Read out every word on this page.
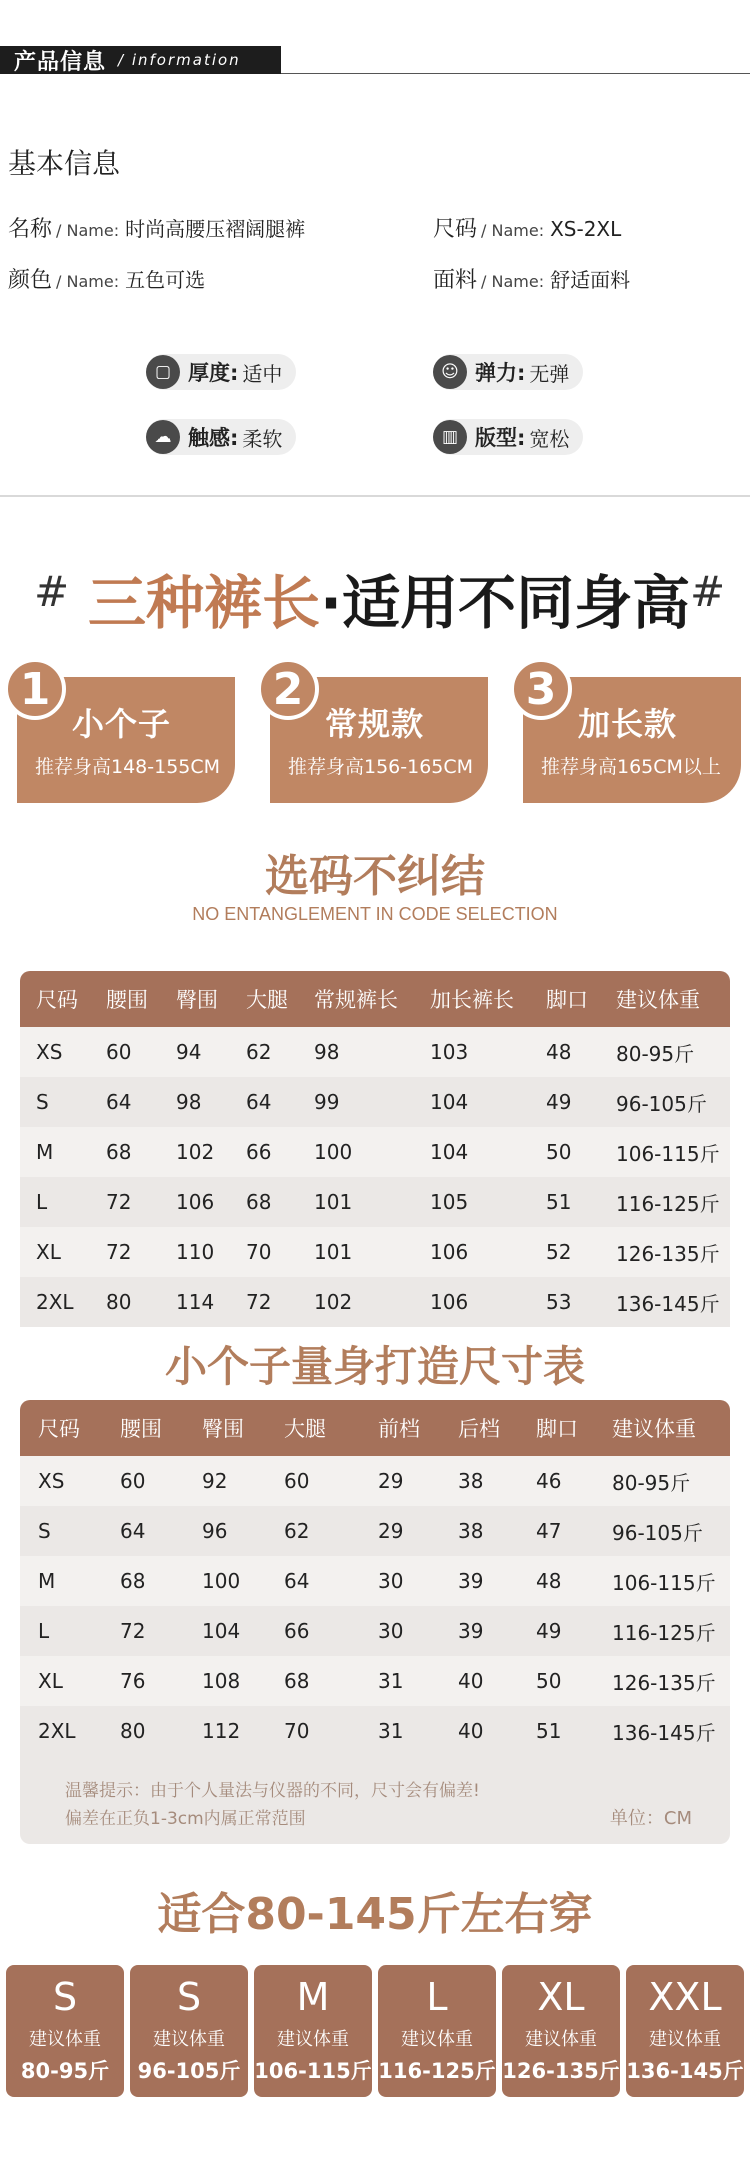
产品信息 / information
基本信息
名称 / Name: 时尚高腰压褶阔腿裤	尺码 / Name: XS-2XL
颜色 / Name: 五色可选	面料 / Name: 舒适面料
▢ 厚度: 适中	☺ 弹力: 无弹
☁ 触感: 柔软	▥ 版型: 宽松
# 三种裤长·适用不同身高 #
小个子
推荐身高148-155CM
1
常规款
推荐身高156-165CM
2
加长款
推荐身高165CM以上
3
选码不纠结
NO ENTANGLEMENT IN CODE SELECTION
尺码 腰围 臀围 大腿 常规裤长 加长裤长 脚口 建议体重
XS 60 94 62 98	103	48 80-95斤
S	64 98 64 99	104	49 96-105斤
M	68 102 66 100	104	50 106-115斤
L	72 106 68 101	105	51 116-125斤
XL 72 110 70 101	106	52 126-135斤
2XL 80 114 72 102	106	53 136-145斤
小个子量身打造尺寸表
尺码 腰围 臀围 大腿 前档 后档 脚口 建议体重
XS	60	92	60	29	38	46	80-95斤
S	64	96	62	29	38	47	96-105斤
M	68	100 64	30	39	48	106-115斤
L	72	104 66	30	39	49	116-125斤
XL	76	108 68	31	40	50	126-135斤
2XL 80	112 70	31	40	51	136-145斤
温馨提示：由于个人量法与仪器的不同，尺寸会有偏差!
偏差在正负1-3cm内属正常范围	单位：CM
适合80-145斤左右穿
S
建议体重
80-95斤
S
建议体重
96-105斤
M
建议体重
106-115斤
L
建议体重
116-125斤
XL
建议体重
126-135斤
XXL
建议体重
136-145斤
